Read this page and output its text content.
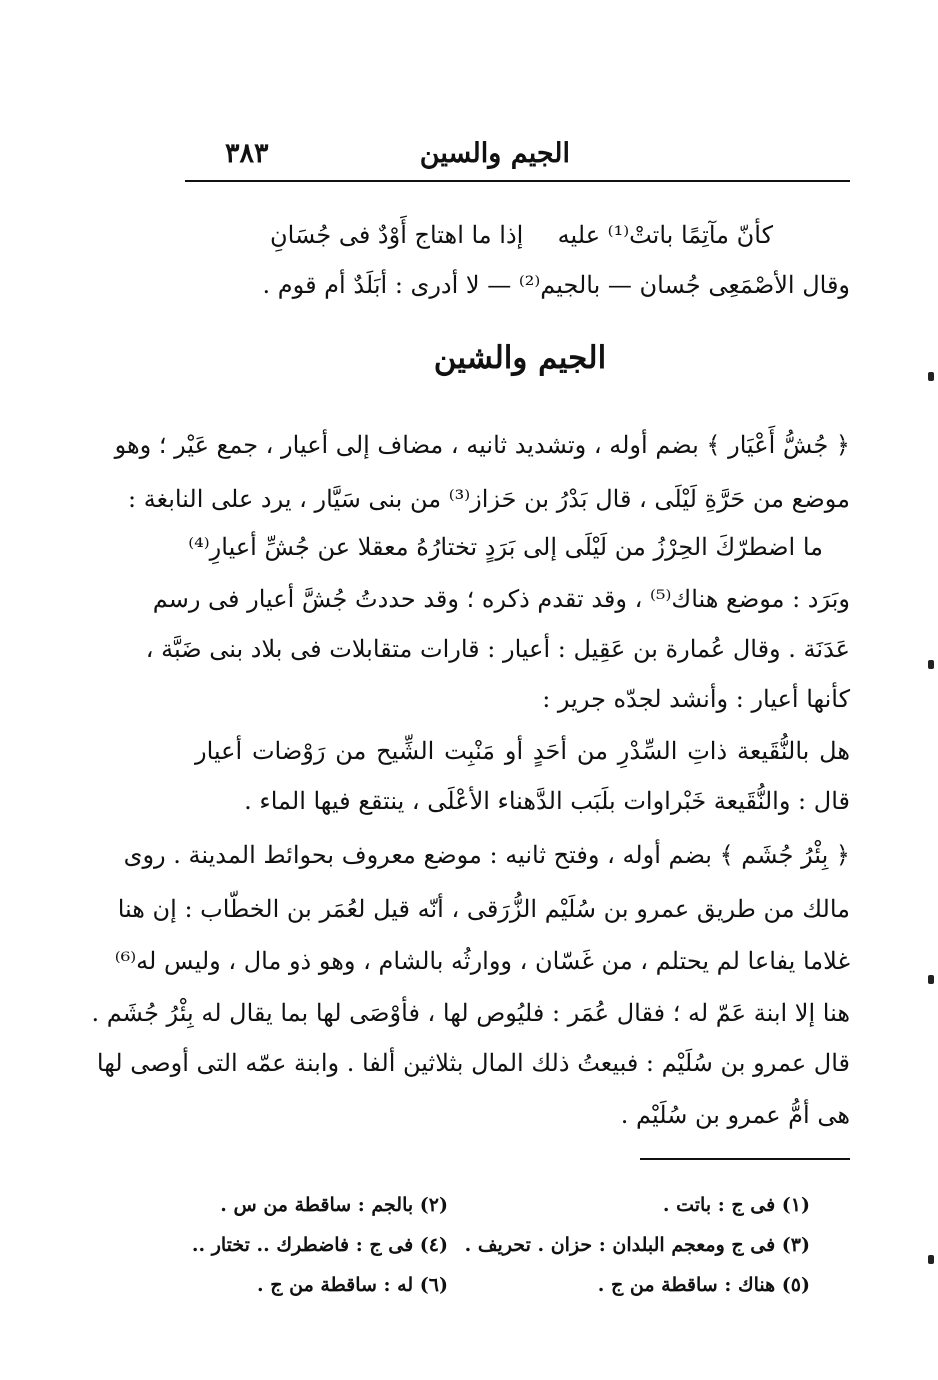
الجيم والسين
٣٨٣
كأنّ مآتِمًا باتتْ⁽¹⁾ عليه
إذا ما اهتاج أَوْدٌ فى جُسَانِ
وقال الأصْمَعِى جُسان — بالجيم⁽²⁾ — لا أدرى : أبَلَدٌ أم قوم .
الجيم والشين
﴿ جُشُّ أَعْيَار ﴾ بضم أوله ، وتشديد ثانيه ، مضاف إلى أعيار ، جمع عَيْر ؛ وهو
موضع من حَرَّةِ لَيْلَى ، قال بَدْرُ بن حَزاز⁽³⁾ من بنى سَيَّار ، يرد على النابغة :
ما اضطرّكَ الحِرْزُ من لَيْلَى إلى بَرَدٍ تختارُهُ معقلا عن جُشِّ أعيارِ⁽⁴⁾
وبَرَد : موضع هناك⁽⁵⁾ ، وقد تقدم ذكره ؛ وقد حددتُ جُشَّ أعيار فى رسم
عَدَنَة . وقال عُمارة بن عَقِيل : أعيار : قارات متقابلات فى بلاد بنى ضَبَّة ،
كأنها أعيار : وأنشد لجدّه جرير :
هل بالنُّقَيعة ذاتِ السِّدْرِ من أحَدٍ أو مَنْبِت الشِّيح من رَوْضات أعيار
قال : والنُّقَيعة خَبْراوات بلَبَب الدَّهناء الأعْلَى ، ينتقع فيها الماء .
﴿ بِئْرُ جُشَم ﴾ بضم أوله ، وفتح ثانيه : موضع معروف بحوائط المدينة . روى
مالك من طريق عمرو بن سُلَيْم الزُّرَقى ، أنّه قيل لعُمَر بن الخطّاب : إن هنا
غلاما يفاعا لم يحتلم ، من غَسّان ، ووارثُه بالشام ، وهو ذو مال ، وليس له⁽⁶⁾
هنا إلا ابنة عَمّ له ؛ فقال عُمَر : فليُوص لها ، فأوْصَى لها بما يقال له بِئْرُ جُشَم .
قال عمرو بن سُلَيْم : فبيعتُ ذلك المال بثلاثين ألفا . وابنة عمّه التى أوصى لها
هى أمُّ عمرو بن سُلَيْم .
(١) فى ج : باتت .
(٢) بالجم : ساقطة من س .
(٣) فى ج ومعجم البلدان : حزان . تحريف .
(٤) فى ج : فاضطرك .. تختار ..
(٥) هناك : ساقطة من ج .
(٦) له : ساقطة من ج .
